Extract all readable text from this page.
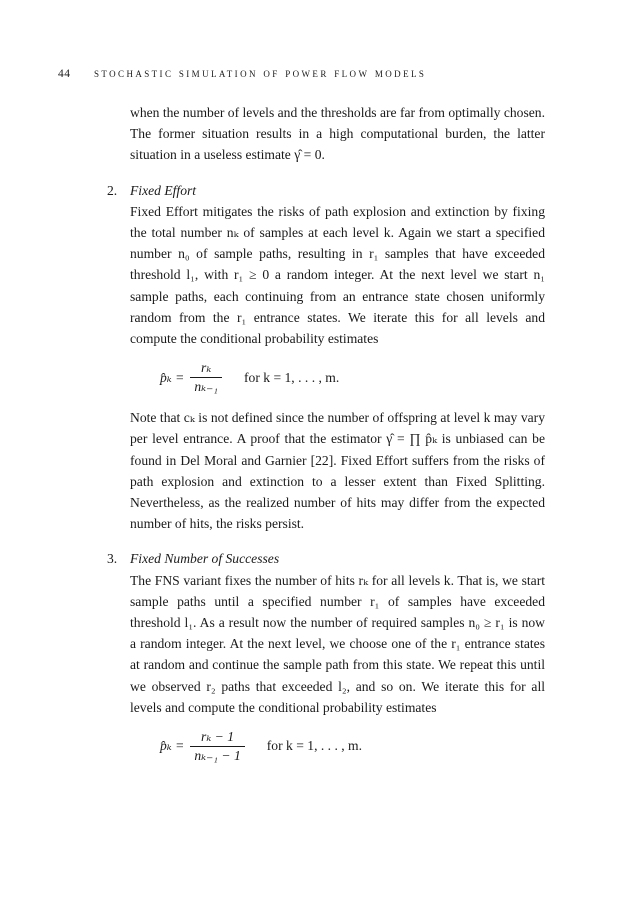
44 stochastic simulation of power flow models

when the number of levels and the thresholds are far from optimally chosen. The former situation results in a high computational burden, the latter situation in a useless estimate γ̂ = 0.

2. Fixed Effort

Fixed Effort mitigates the risks of path explosion and extinction by fixing the total number nₖ of samples at each level k. Again we start a specified number n₀ of sample paths, resulting in r₁ samples that have exceeded threshold l₁, with r₁ ≥ 0 a random integer. At the next level we start n₁ sample paths, each continuing from an entrance state chosen uniformly random from the r₁ entrance states. We iterate this for all levels and compute the conditional probability estimates

p̂ₖ = $\frac{\text{rₖ}}{\text{nₖ₋₁}}$ for k = 1, . . . , m.

Note that cₖ is not defined since the number of offspring at level k may vary per level entrance. A proof that the estimator γ̂ = ∏ p̂ₖ is unbiased can be found in Del Moral and Garnier [22]. Fixed Effort suffers from the risks of path explosion and extinction to a lesser extent than Fixed Splitting. Nevertheless, as the realized number of hits may differ from the expected number of hits, the risks persist.

3. Fixed Number of Successes

The FNS variant fixes the number of hits rₖ for all levels k. That is, we start sample paths until a specified number r₁ of samples have exceeded threshold l₁. As a result now the number of required samples n₀ ≥ r₁ is now a random integer. At the next level, we choose one of the r₁ entrance states at random and continue the sample path from this state. We repeat this until we observed r₂ paths that exceeded l₂, and so on. We iterate this for all levels and compute the conditional probability estimates

p̂ₖ = $\frac{\text{rₖ − 1}}{\text{nₖ₋₁ − 1}}$ for k = 1, . . . , m.
